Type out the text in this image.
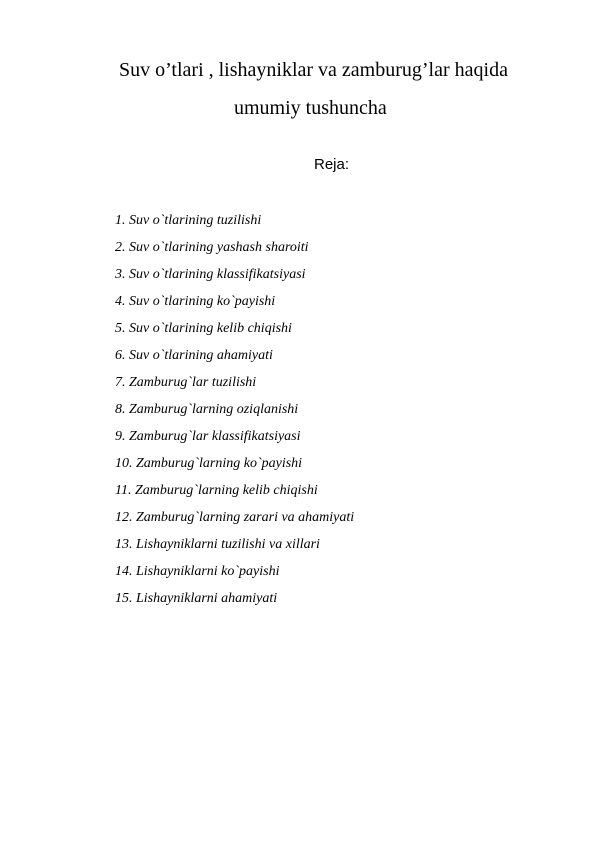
Suv o’tlari , lishayniklar va zamburug’lar haqida
umumiy tushuncha
Reja:
1. Suv o`tlarining tuzilishi
2. Suv o`tlarining yashash sharoiti
3. Suv o`tlarining klassifikatsiyasi
4. Suv o`tlarining ko`payishi
5. Suv o`tlarining kelib chiqishi
6. Suv o`tlarining ahamiyati
7. Zamburug`lar tuzilishi
8. Zamburug`larning oziqlanishi
9. Zamburug`lar klassifikatsiyasi
10. Zamburug`larning ko`payishi
11. Zamburug`larning kelib chiqishi
12. Zamburug`larning zarari va ahamiyati
13. Lishayniklarni tuzilishi va xillari
14. Lishayniklarni ko`payishi
15. Lishayniklarni ahamiyati
